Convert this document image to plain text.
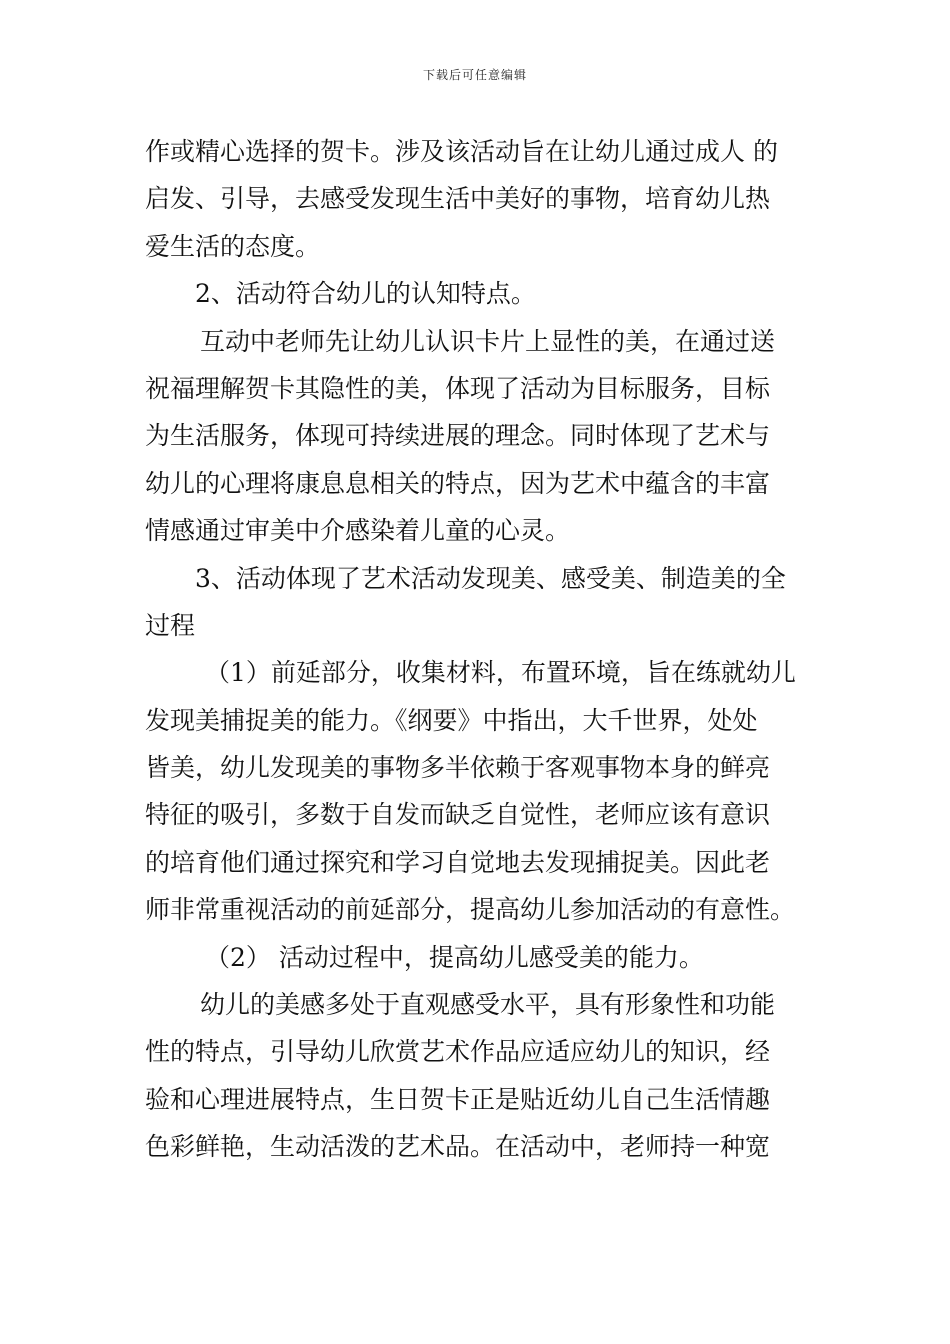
下载后可任意编辑
作或精心选择的贺卡。涉及该活动旨在让幼儿通过成人 的
启发、引导，去感受发现生活中美好的事物，培育幼儿热
爱生活的态度。
2、活动符合幼儿的认知特点。
互动中老师先让幼儿认识卡片上显性的美，在通过送
祝福理解贺卡其隐性的美，体现了活动为目标服务，目标
为生活服务，体现可持续进展的理念。同时体现了艺术与
幼儿的心理将康息息相关的特点，因为艺术中蕴含的丰富
情感通过审美中介感染着儿童的心灵。
3、活动体现了艺术活动发现美、感受美、制造美的全
过程
（1）前延部分，收集材料，布置环境，旨在练就幼儿
发现美捕捉美的能力。《纲要》中指出，大千世界，处处
皆美，幼儿发现美的事物多半依赖于客观事物本身的鲜亮
特征的吸引，多数于自发而缺乏自觉性，老师应该有意识
的培育他们通过探究和学习自觉地去发现捕捉美。因此老
师非常重视活动的前延部分，提高幼儿参加活动的有意性。
（2） 活动过程中，提高幼儿感受美的能力。
幼儿的美感多处于直观感受水平，具有形象性和功能
性的特点，引导幼儿欣赏艺术作品应适应幼儿的知识，经
验和心理进展特点，生日贺卡正是贴近幼儿自己生活情趣
色彩鲜艳，生动活泼的艺术品。在活动中，老师持一种宽
